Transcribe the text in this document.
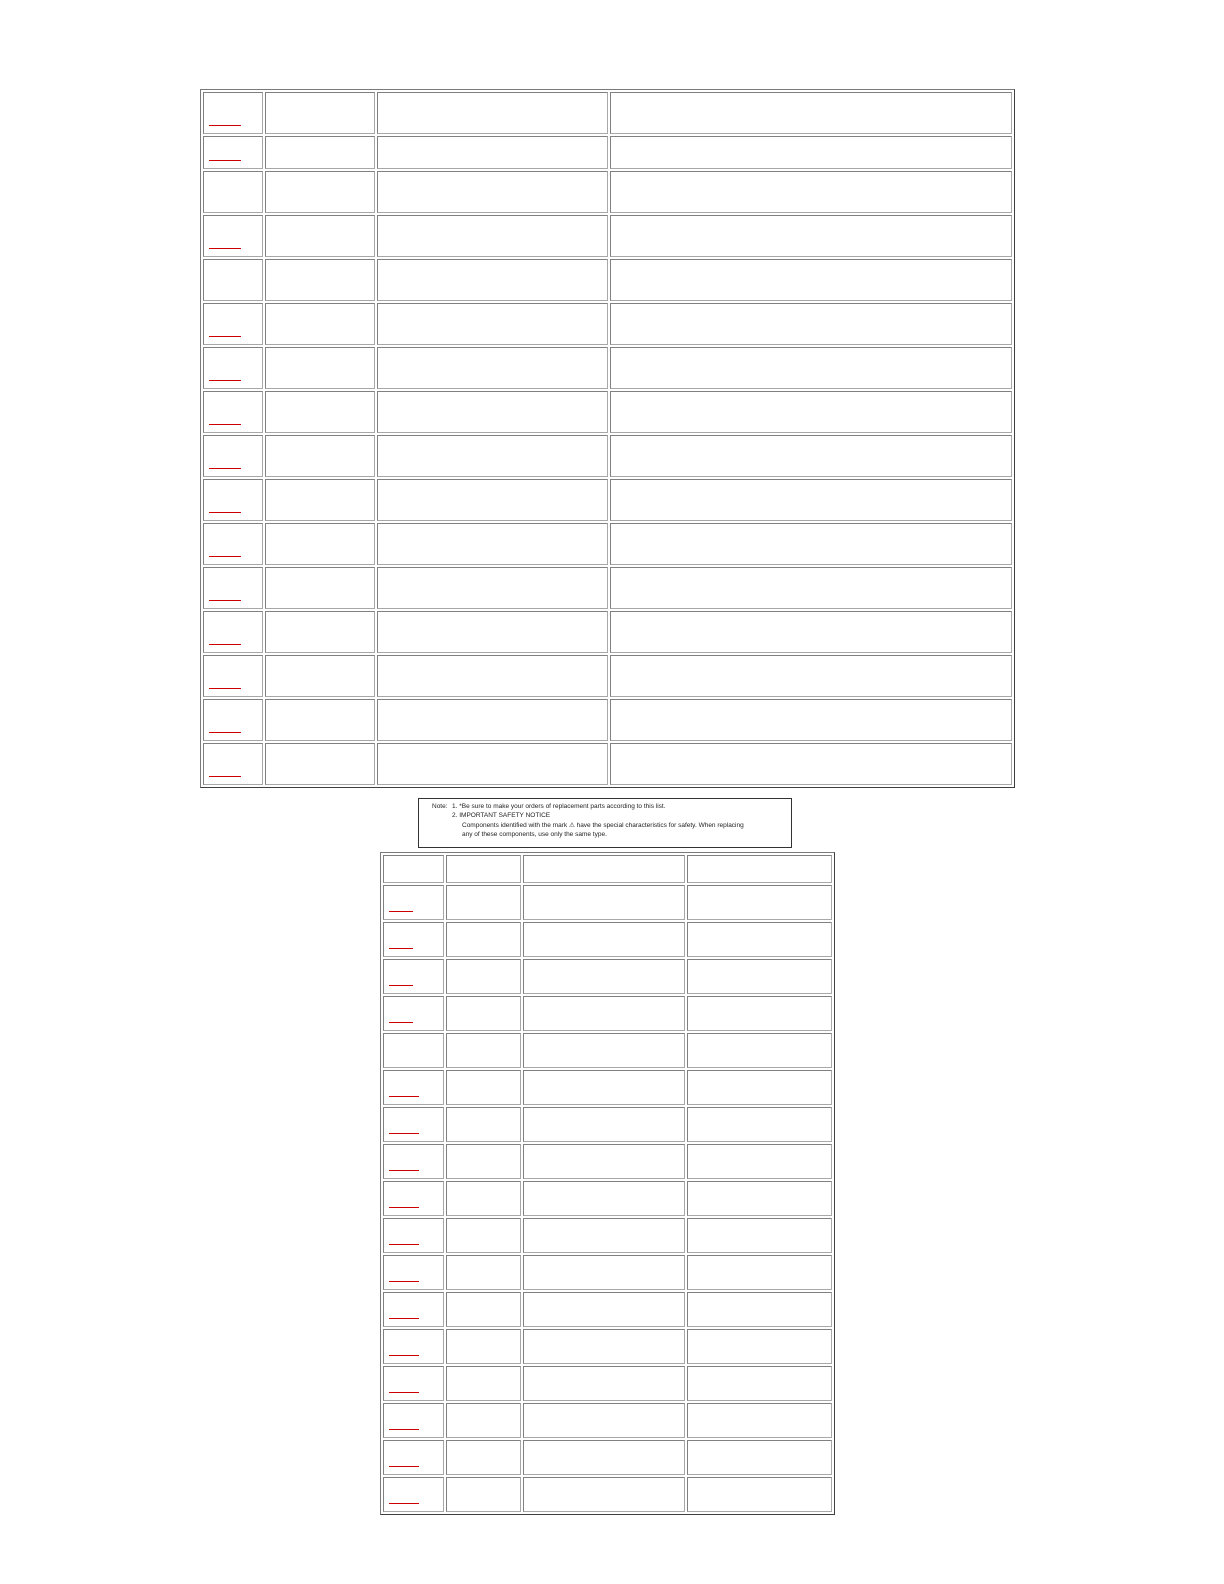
Note: 1. *Be sure to make your orders of replacement parts according to this list.
2. IMPORTANT SAFETY NOTICE
Components identified with the mark ⚠ have the special characteristics for safety. When replacing
any of these components, use only the same type.
